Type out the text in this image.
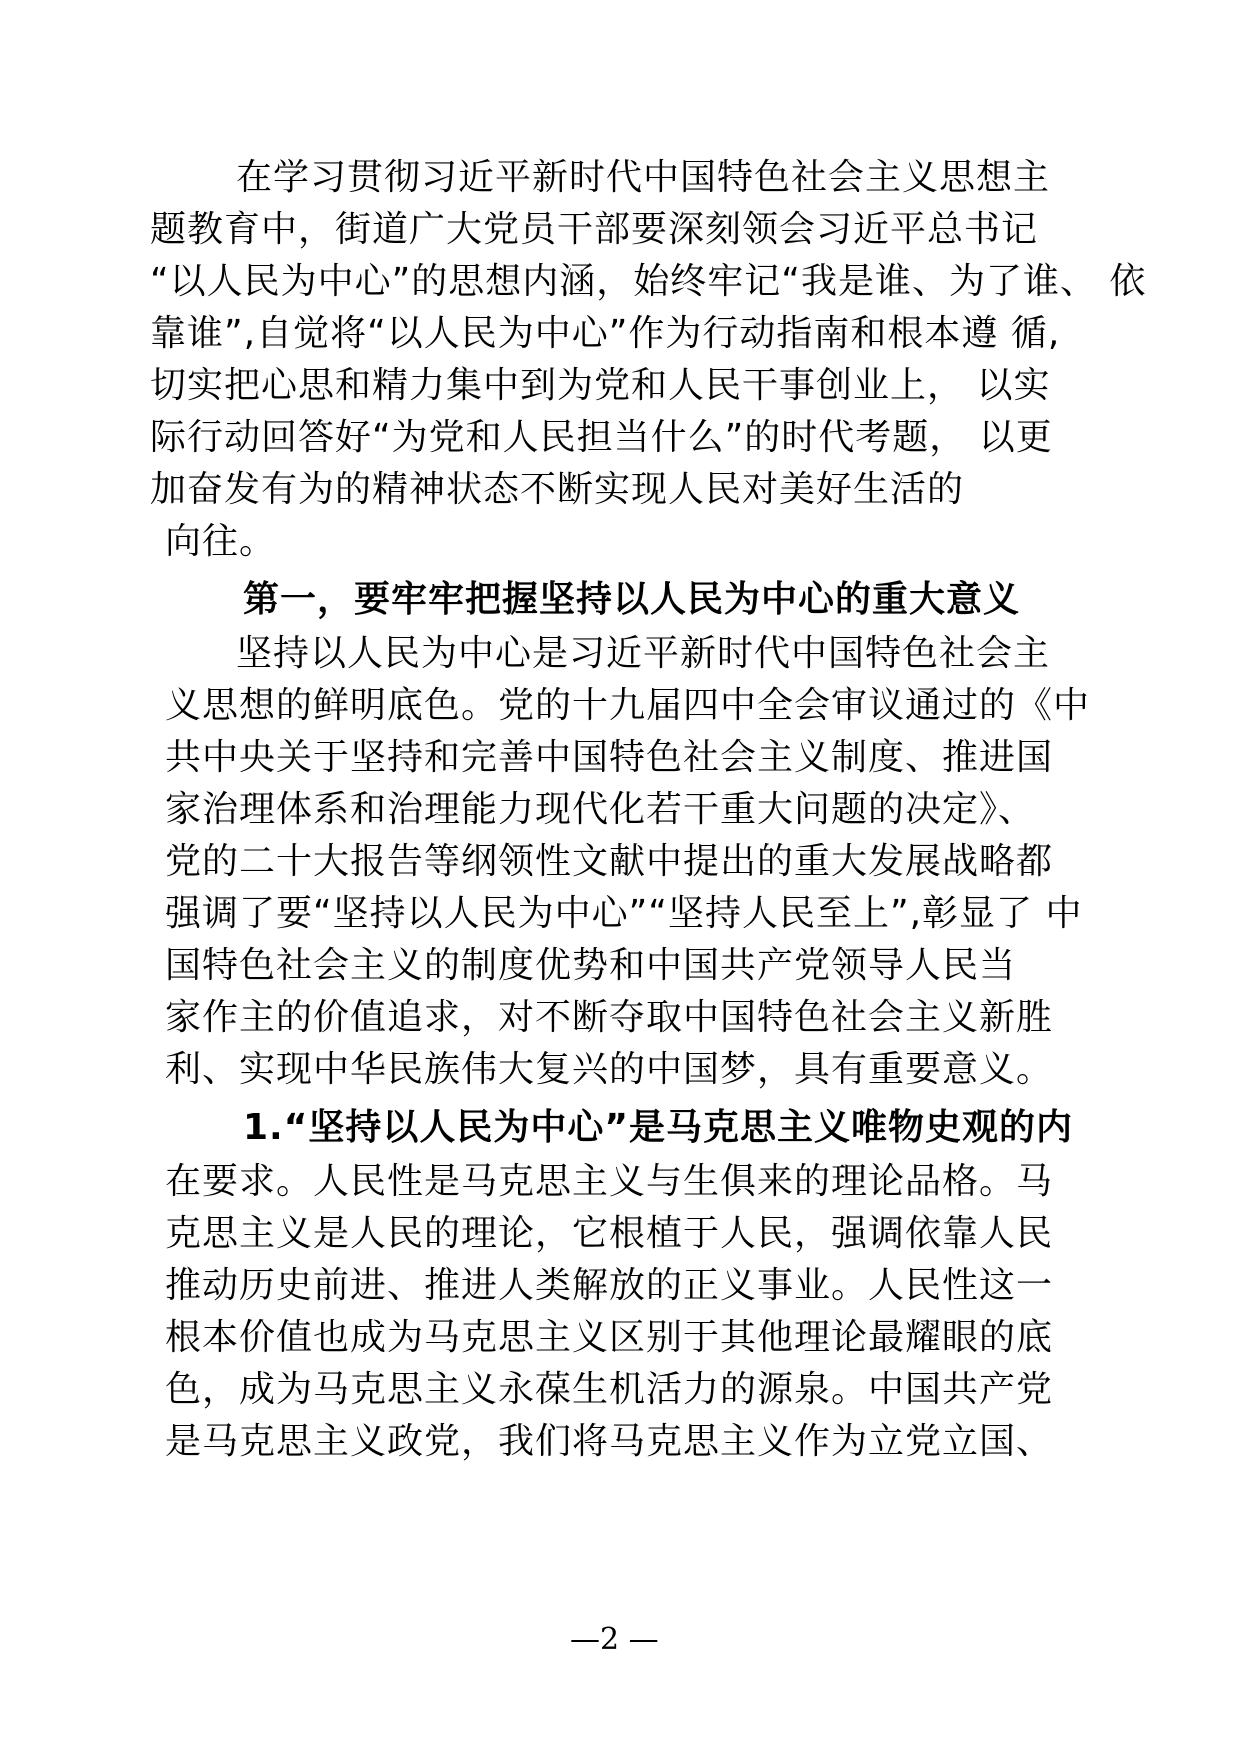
在学习贯彻习近平新时代中国特色社会主义思想主
题教育中，街道广大党员干部要深刻领会习近平总书记
“以人民为中心”的思想内涵，始终牢记“我是谁、为了谁、 依
靠谁”,自觉将“以人民为中心”作为行动指南和根本遵 循,
切实把心思和精力集中到为党和人民干事创业上， 以实
际行动回答好“为党和人民担当什么”的时代考题， 以更
加奋发有为的精神状态不断实现人民对美好生活的
向往。
第一，要牢牢把握坚持以人民为中心的重大意义
坚持以人民为中心是习近平新时代中国特色社会主
义思想的鲜明底色。党的十九届四中全会审议通过的《中
共中央关于坚持和完善中国特色社会主义制度、推进国
家治理体系和治理能力现代化若干重大问题的决定》、
党的二十大报告等纲领性文献中提出的重大发展战略都
强调了要“坚持以人民为中心”“坚持人民至上”,彰显了 中
国特色社会主义的制度优势和中国共产党领导人民当
家作主的价值追求，对不断夺取中国特色社会主义新胜
利、实现中华民族伟大复兴的中国梦，具有重要意义。
1.“坚持以人民为中心”是马克思主义唯物史观的内
在要求。人民性是马克思主义与生俱来的理论品格。马
克思主义是人民的理论，它根植于人民，强调依靠人民
推动历史前进、推进人类解放的正义事业。人民性这一
根本价值也成为马克思主义区别于其他理论最耀眼的底
色，成为马克思主义永葆生机活力的源泉。中国共产党
是马克思主义政党，我们将马克思主义作为立党立国、
—2 —
